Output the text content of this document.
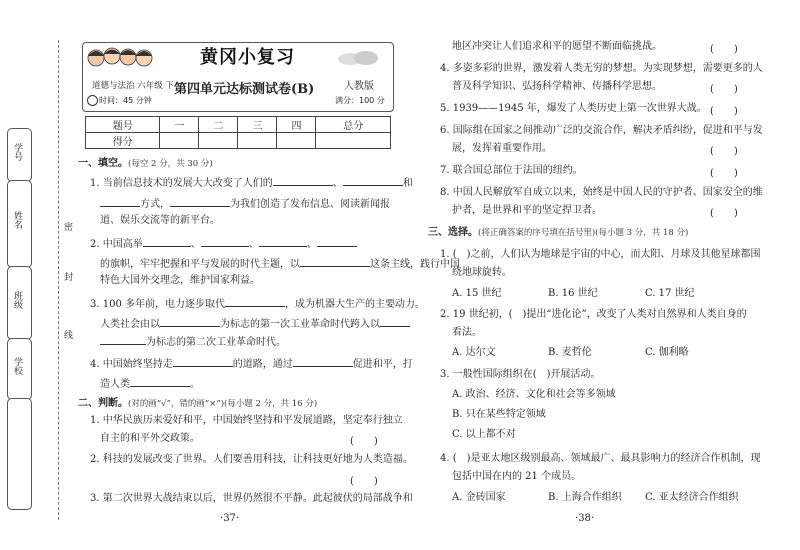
学号
姓名
班级
学校
密
封
线
黄冈小复习
道德与法治 六年级 下
时间：45 分钟
第四单元达标测试卷(B)	人教版
满分：100 分
题号	一	二	三	四	总分
得分					
一、填空。(每空 2 分，共 30 分)
1. 当前信息技术的发展大大改变了人们的	、	和
方式，	为我们创造了发布信息、阅读新闻报
道、娱乐交流等的新平台。
2. 中国高举	、	、	、
的旗帜，牢牢把握和平与发展的时代主题，以	这条主线，践行中国
特色大国外交理念，维护国家利益。
3. 100 多年前，电力逐步取代	，成为机器大生产的主要动力。
人类社会由以	为标志的第一次工业革命时代跨入以
为标志的第二次工业革命时代。
4. 中国始终坚持走	的道路，通过	促进和平，打
造人类	。
二、判断。(对的画“√”，错的画“×”)(每小题 2 分，共 16 分)
1. 中华民族历来爱好和平，中国始终坚持和平发展道路，坚定奉行独立
自主的和平外交政策。	(　　)
2. 科技的发展改变了世界。人们要善用科技，让科技更好地为人类造福。
(　　)
3. 第二次世界大战结束以后，世界仍然很不平静。此起彼伏的局部战争和
·37·
地区冲突让人们追求和平的愿望不断面临挑战。	(　　)
4. 多姿多彩的世界，激发着人类无穷的梦想。为实现梦想，需要更多的人
普及科学知识、弘扬科学精神、传播科学思想。	(　　)
5. 1939——1945 年，爆发了人类历史上第一次世界大战。 (　　)
6. 国际组在国家之间推动广泛的交流合作，解决矛盾纠纷，促进和平与发
展，发挥着重要作用。	(　　)
7. 联合国总部位于法国的纽约。	(　　)
8. 中国人民解放军自成立以来，始终是中国人民的守护者、国家安全的维
护者，是世界和平的坚定捍卫者。	(　　)
三、选择。(将正确答案的序号填在括号里)(每小题 3 分，共 18 分)
1. (　)之前，人们认为地球是宇宙的中心，而太阳、月球及其他星球都围
绕地球旋转。
A. 15 世纪	B. 16 世纪	C. 17 世纪
2. 19 世纪初，(　)提出“进化论”，改变了人类对自然界和人类自身的
看法。
A. 达尔文	B. 麦哲伦	C. 伽利略
3. 一般性国际组织在(　)开展活动。
A. 政治、经济、文化和社会等多领域
B. 只在某些特定领域
C. 以上都不对
4. (　)是亚太地区级别最高、领域最广、最具影响力的经济合作机制，现
包括中国在内的 21 个成员。
A. 金砖国家	B. 上海合作组织 C. 亚太经济合作组织
·38·
